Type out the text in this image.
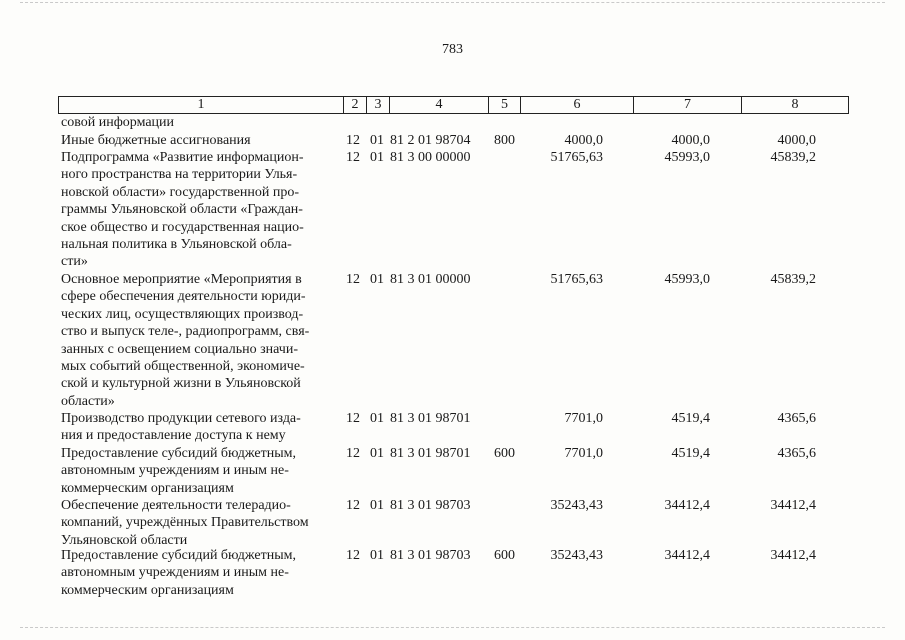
783
1	2	3	4	5	6	7	8
совой информации
Иные бюджетные ассигнования	12 01 81 2 01 98704 800	4000,0	4000,0	4000,0
Подпрограмма «Развитие информацион-
ного пространства на территории Улья-
новской области» государственной про-
граммы Ульяновской области «Граждан-
ское общество и государственная нацио-
нальная политика в Ульяновской обла-
сти»
12 01 81 3 00 00000	51765,63	45993,0	45839,2
Основное мероприятие «Мероприятия в
сфере обеспечения деятельности юриди-
ческих лиц, осуществляющих производ-
ство и выпуск теле-, радиопрограмм, свя-
занных с освещением социально значи-
мых событий общественной, экономиче-
ской и культурной жизни в Ульяновской
области»
12 01 81 3 01 00000	51765,63	45993,0	45839,2
Производство продукции сетевого изда-
ния и предоставление доступа к нему
12 01 81 3 01 98701	7701,0	4519,4	4365,6
Предоставление субсидий бюджетным,
автономным учреждениям и иным не-
коммерческим организациям
12 01 81 3 01 98701 600	7701,0	4519,4	4365,6
Обеспечение деятельности телерадио-
компаний, учреждённых Правительством
Ульяновской области
12 01 81 3 01 98703	35243,43	34412,4	34412,4
Предоставление субсидий бюджетным,
автономным учреждениям и иным не-
коммерческим организациям
12 01 81 3 01 98703 600	35243,43	34412,4	34412,4
